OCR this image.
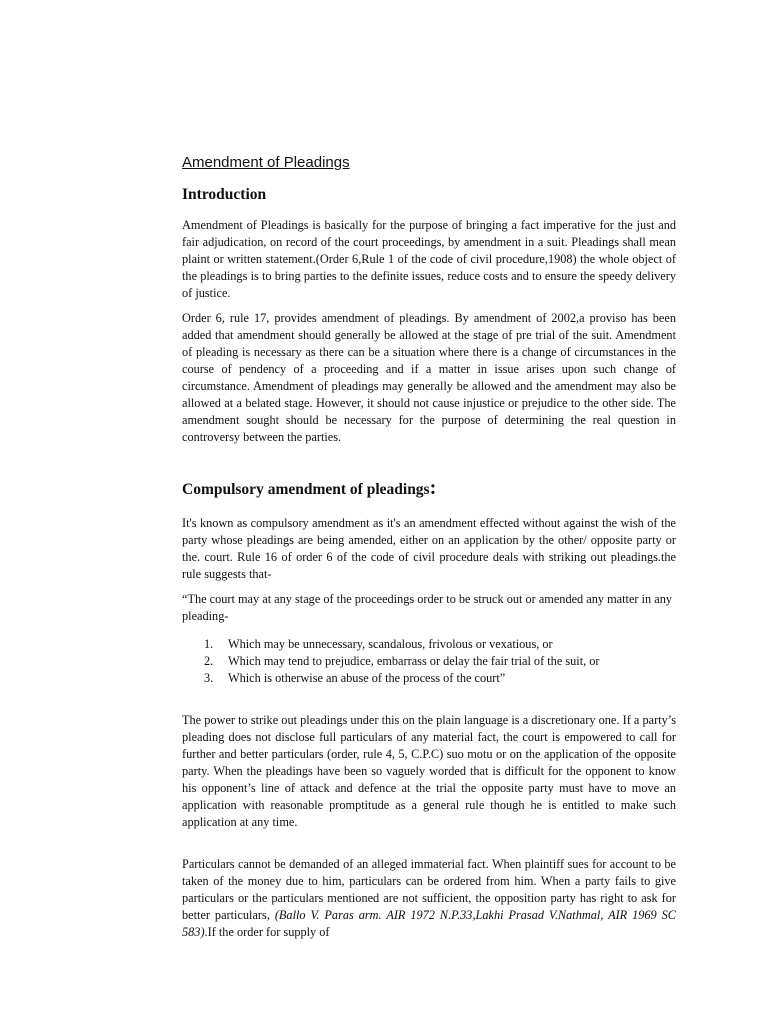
Amendment of Pleadings
Introduction

Amendment of Pleadings is basically for the purpose of bringing a fact imperative for the just and fair adjudication, on record of the court proceedings, by amendment in a suit. Pleadings shall mean plaint or written statement.(Order 6,Rule 1 of the code of civil procedure,1908) the whole object of the pleadings is to bring parties to the definite issues, reduce costs and to ensure the speedy delivery of justice.

Order 6, rule 17, provides amendment of pleadings. By amendment of 2002,a proviso has been added that amendment should generally be allowed at the stage of pre trial of the suit. Amendment of pleading is necessary as there can be a situation where there is a change of circumstances in the course of pendency of a proceeding and if a matter in issue arises upon such change of circumstance. Amendment of pleadings may generally be allowed and the amendment may also be allowed at a belated stage. However, it should not cause injustice or prejudice to the other side. The amendment sought should be necessary for the purpose of determining the real question in controversy between the parties.

Compulsory amendment of pleadings:

It's known as compulsory amendment as it's an amendment effected without against the wish of the party whose pleadings are being amended, either on an application by the other/ opposite party or the. court. Rule 16 of order 6 of the code of civil procedure deals with striking out pleadings.the rule suggests that-

“The court may at any stage of the proceedings order to be struck out or amended any matter in any pleading-

1.	Which may be unnecessary, scandalous, frivolous or vexatious, or
2.	Which may tend to prejudice, embarrass or delay the fair trial of the suit, or
3.	Which is otherwise an abuse of the process of the court”

The power to strike out pleadings under this on the plain language is a discretionary one. If a party’s pleading does not disclose full particulars of any material fact, the court is empowered to call for further and better particulars (order, rule 4, 5, C.P.C) suo motu or on the application of the opposite party. When the pleadings have been so vaguely worded that is difficult for the opponent to know his opponent’s line of attack and defence at the trial the opposite party must have to move an application with reasonable promptitude as a general rule though he is entitled to make such application at any time.

Particulars cannot be demanded of an alleged immaterial fact. When plaintiff sues for account to be taken of the money due to him, particulars can be ordered from him. When a party fails to give particulars or the particulars mentioned are not sufficient, the opposition party has right to ask for better particulars, (Ballo V. Paras arm. AIR 1972 N.P.33,Lakhi Prasad V.Nathmal, AIR 1969 SC 583).If the order for supply of
